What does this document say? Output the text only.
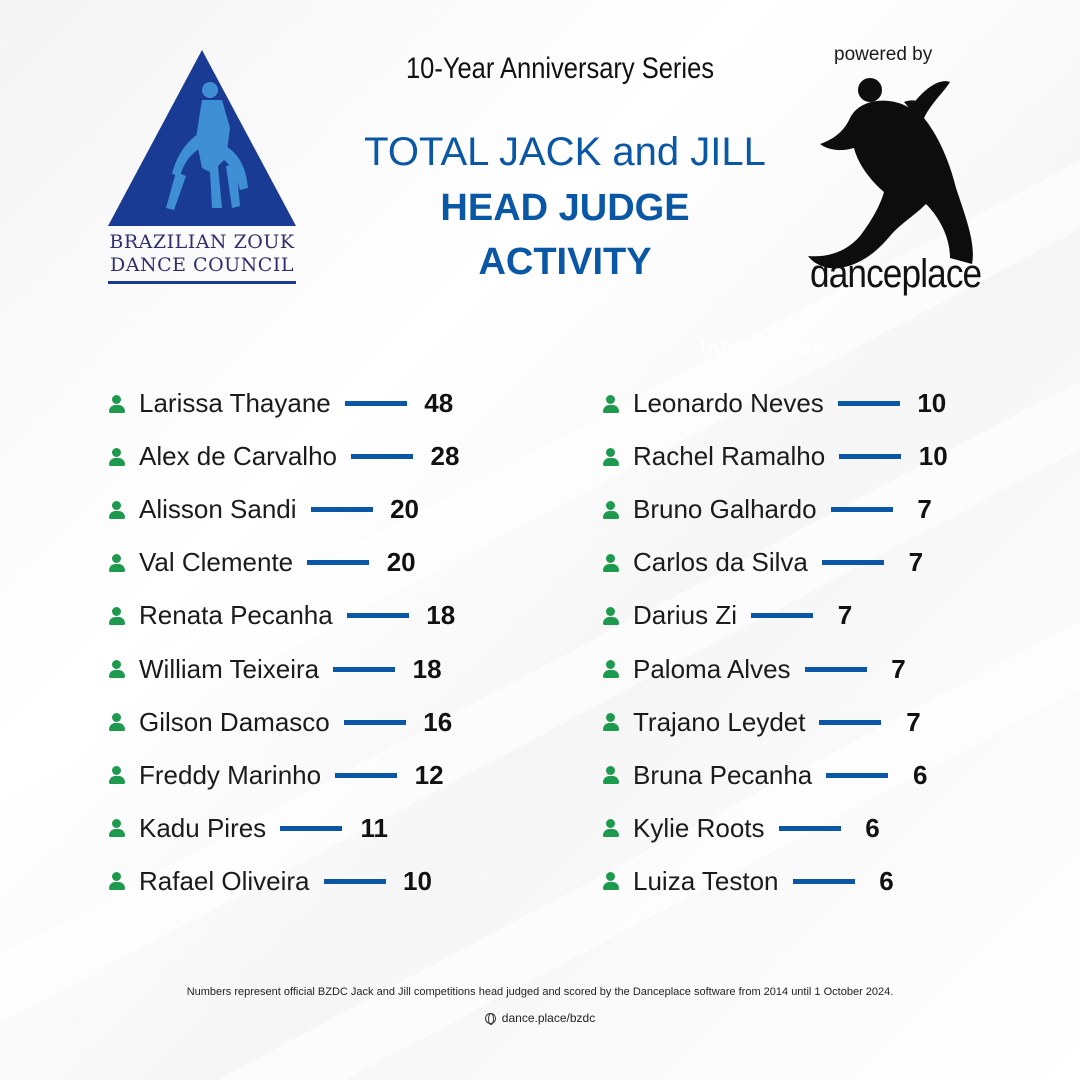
BRAZILIAN ZOUK
DANCE COUNCIL
10-Year Anniversary Series
TOTAL JACK and JILL
HEAD JUDGE
ACTIVITY
Intermediate
powered by
danceplace
Larissa Thayane	48
Alex de Carvalho	28
Alisson Sandi	20
Val Clemente	20
Renata Pecanha	18
William Teixeira	18
Gilson Damasco	16
Freddy Marinho	12
Kadu Pires	11
Rafael Oliveira	10
Leonardo Neves	10
Rachel Ramalho	10
Bruno Galhardo	7
Carlos da Silva	7
Darius Zi	7
Paloma Alves	7
Trajano Leydet	7
Bruna Pecanha	6
Kylie Roots	6
Luiza Teston	6
Numbers represent official BZDC Jack and Jill competitions head judged and scored by the Danceplace software from 2014 until 1 October 2024.
dance.place/bzdc
